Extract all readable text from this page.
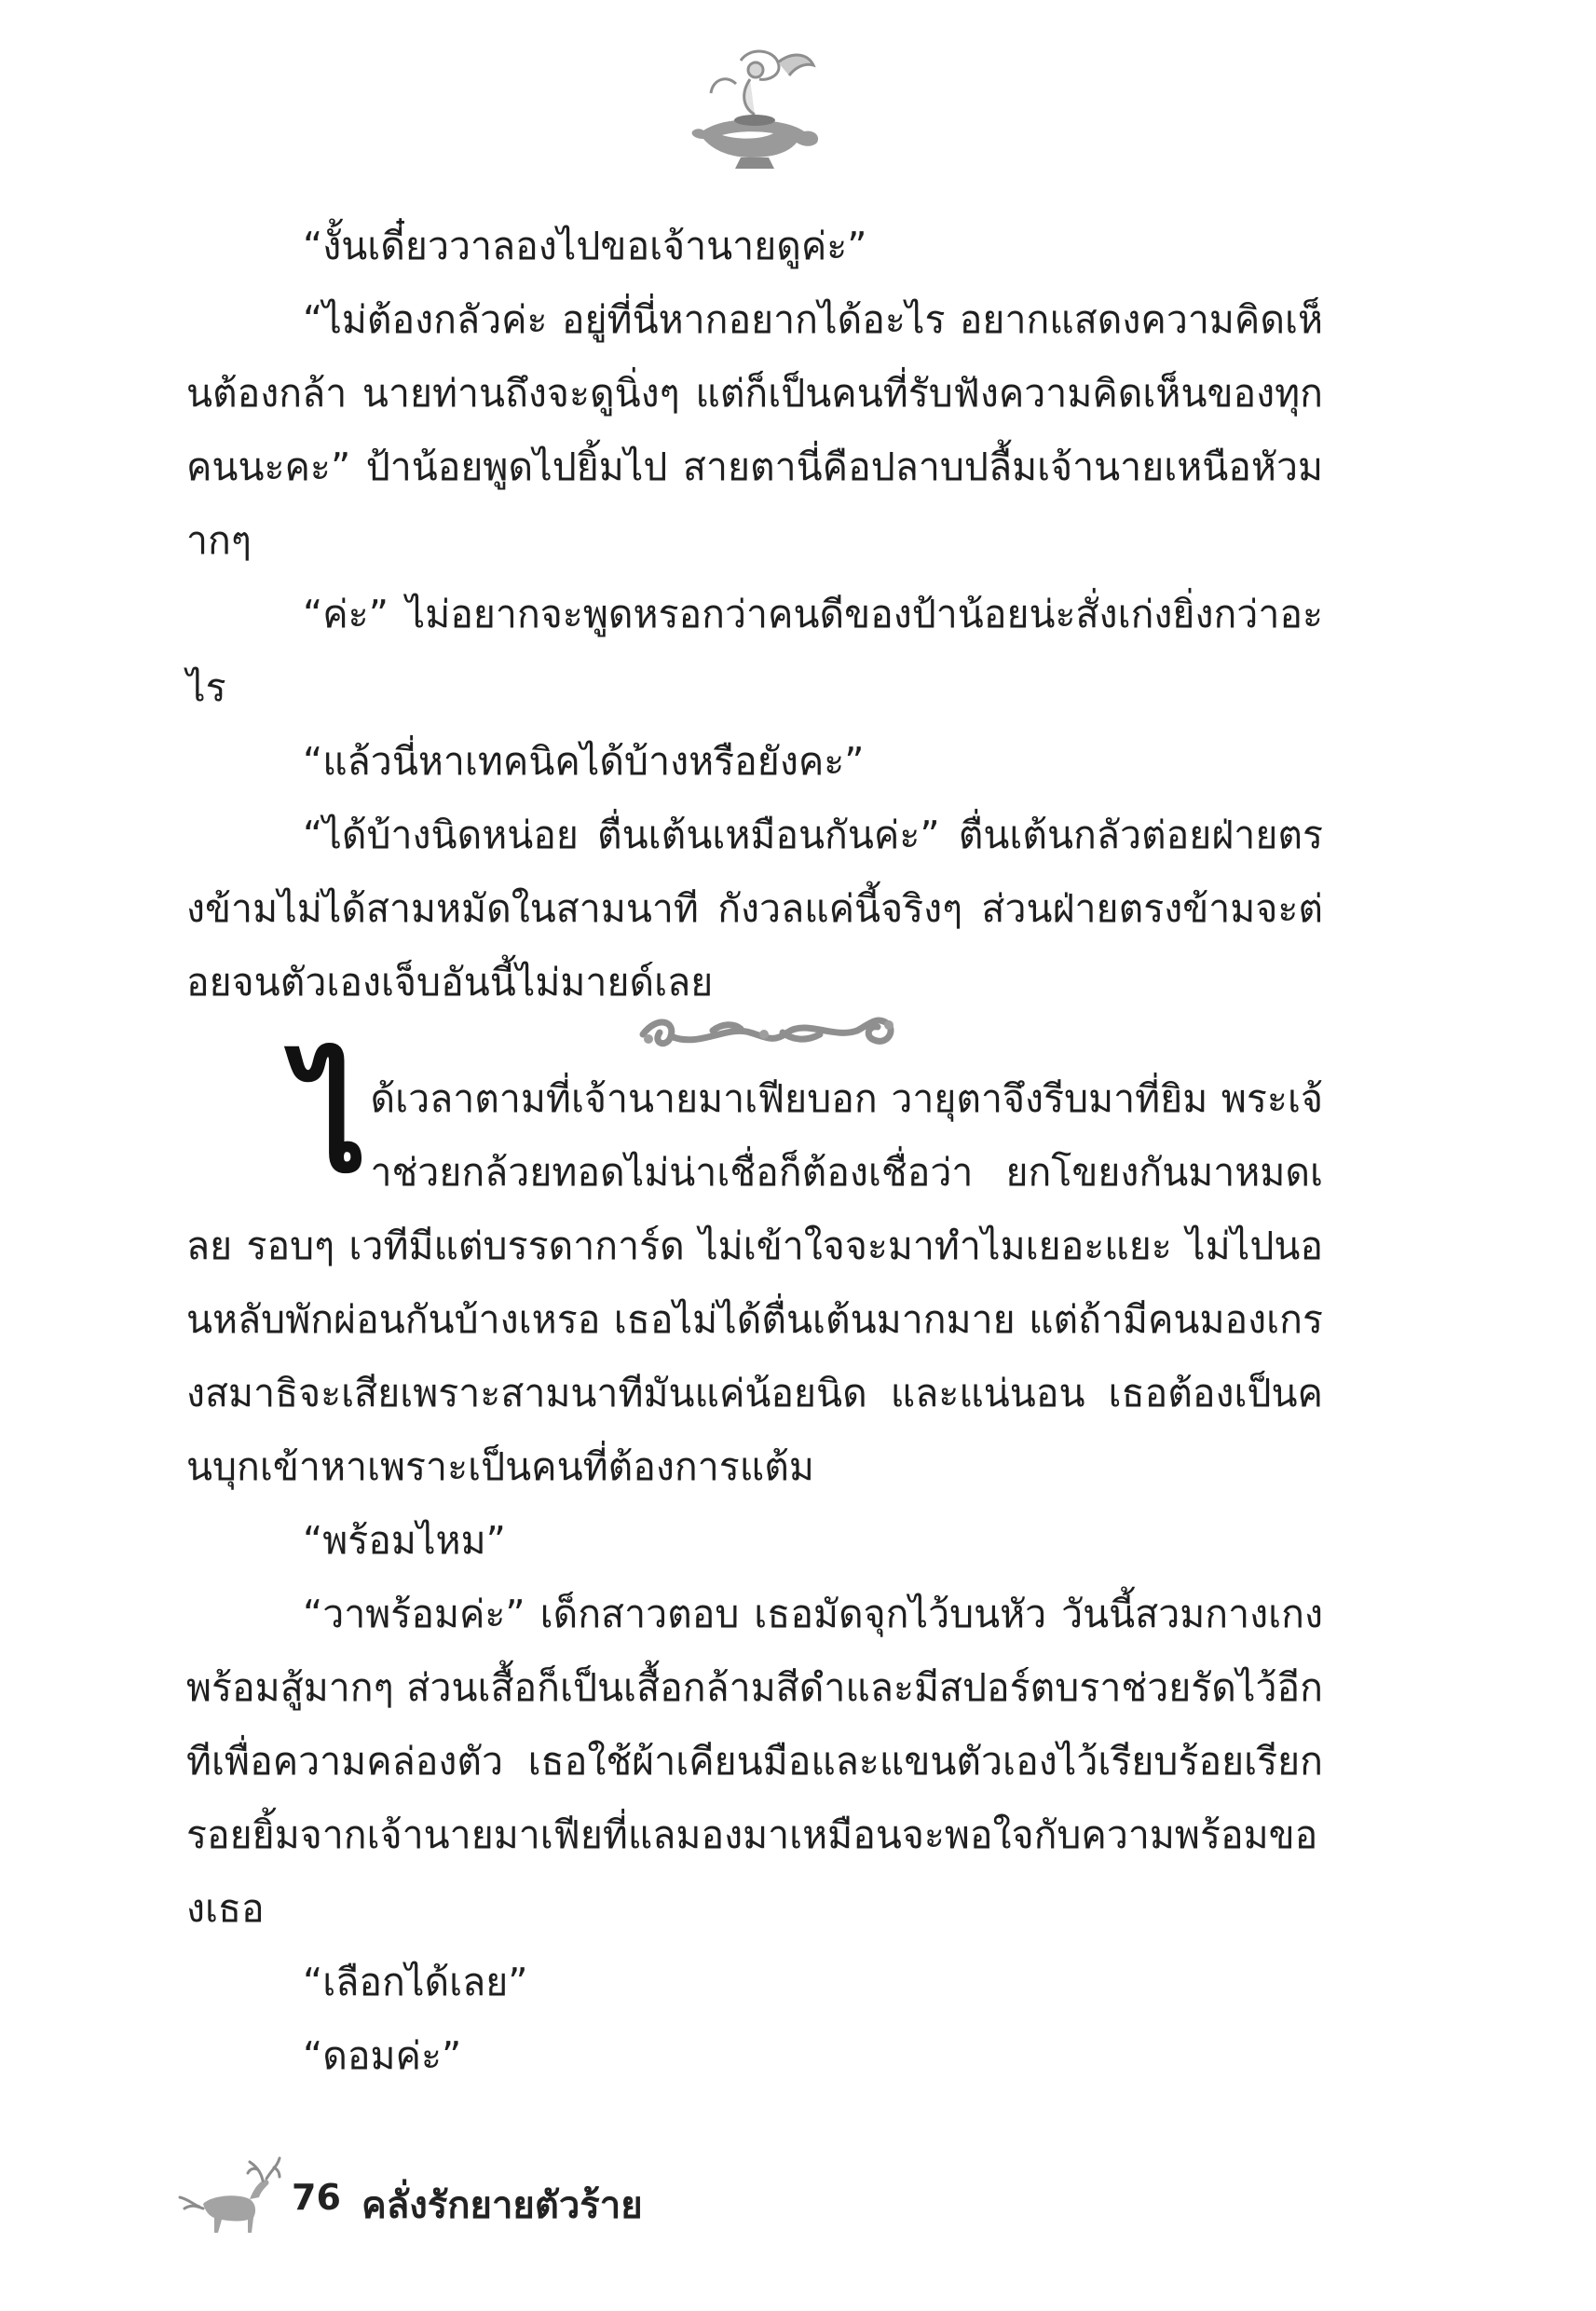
“งั้นเดี๋ยววาลองไปขอเจ้านายดูค่ะ”

“ไม่ต้องกลัวค่ะ อยู่ที่นี่หากอยากได้อะไร อยากแสดงความคิดเห็นต้องกล้า นายท่านถึงจะดูนิ่งๆ แต่ก็เป็นคนที่รับฟังความคิดเห็นของทุกคนนะคะ” ป้าน้อยพูดไปยิ้มไป สายตานี่คือปลาบปลื้มเจ้านายเหนือหัวมากๆ

“ค่ะ” ไม่อยากจะพูดหรอกว่าคนดีของป้าน้อยน่ะสั่งเก่งยิ่งกว่าอะไร

“แล้วนี่หาเทคนิคได้บ้างหรือยังคะ”

“ได้บ้างนิดหน่อย ตื่นเต้นเหมือนกันค่ะ” ตื่นเต้นกลัวต่อยฝ่ายตรงข้ามไม่ได้สามหมัดในสามนาที กังวลแค่นี้จริงๆ ส่วนฝ่ายตรงข้ามจะต่อยจนตัวเองเจ็บอันนี้ไม่มายด์เลย

ได้เวลาตามที่เจ้านายมาเฟียบอก วายุตาจึงรีบมาที่ยิม พระเจ้าช่วยกล้วยทอดไม่น่าเชื่อก็ต้องเชื่อว่า ยกโขยงกันมาหมดเลย รอบๆ เวทีมีแต่บรรดาการ์ด ไม่เข้าใจจะมาทำไมเยอะแยะ ไม่ไปนอนหลับพักผ่อนกันบ้างเหรอ เธอไม่ได้ตื่นเต้นมากมาย แต่ถ้ามีคนมองเกรงสมาธิจะเสียเพราะสามนาทีมันแค่น้อยนิด และแน่นอน เธอต้องเป็นคนบุกเข้าหาเพราะเป็นคนที่ต้องการแต้ม

“พร้อมไหม”

“วาพร้อมค่ะ” เด็กสาวตอบ เธอมัดจุกไว้บนหัว วันนี้สวมกางเกงพร้อมสู้มากๆ ส่วนเสื้อก็เป็นเสื้อกล้ามสีดำและมีสปอร์ตบราช่วยรัดไว้อีกทีเพื่อความคล่องตัว เธอใช้ผ้าเคียนมือและแขนตัวเองไว้เรียบร้อยเรียกรอยยิ้มจากเจ้านายมาเฟียที่แลมองมาเหมือนจะพอใจกับความพร้อมของเธอ

“เลือกได้เลย”

“ดอมค่ะ”

76 คลั่งรักยายตัวร้าย
